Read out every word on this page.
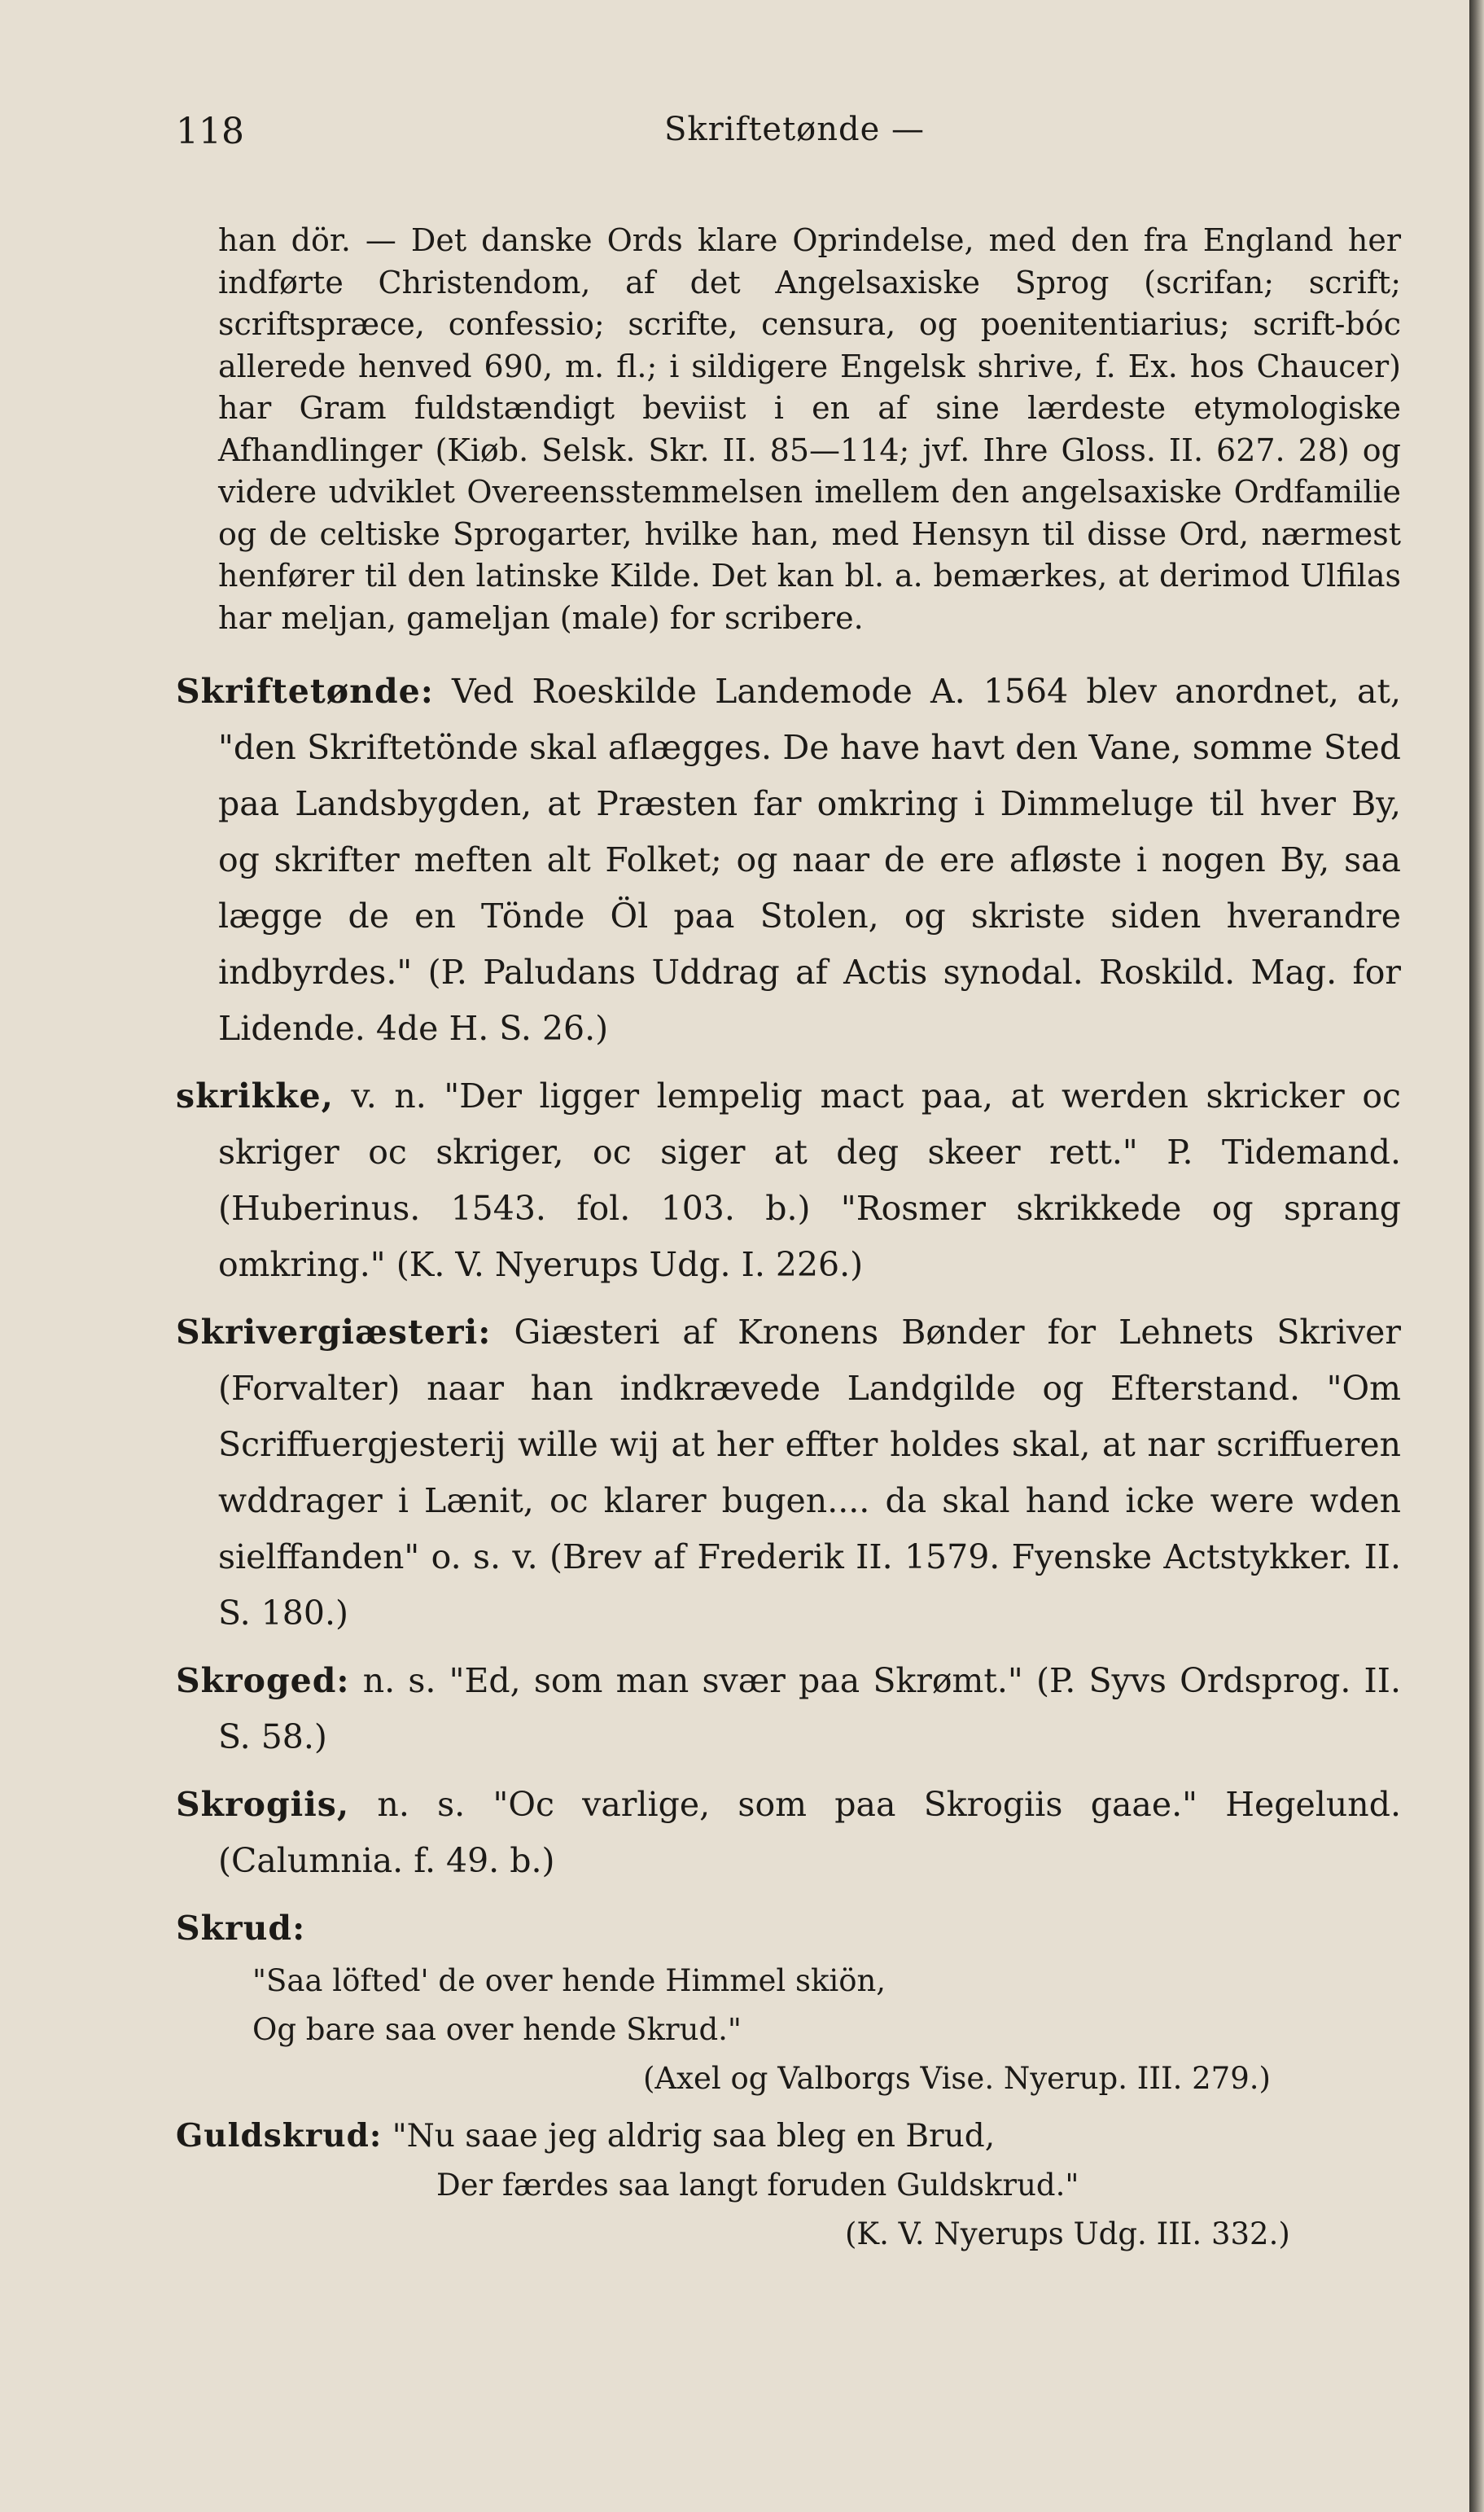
118	Skriftetønde —

han dör. — Det danske Ords klare Oprindelse, med den fra England her indførte Christendom, af det Angelsaxiske Sprog (scrifan; scrift; scriftspræce, confessio; scrifte, censura, og poenitentiarius; scrift-bóc allerede henved 690, m. fl.; i sildigere Engelsk shrive, f. Ex. hos Chaucer) har Gram fuldstændigt beviist i en af sine lærdeste etymologiske Afhandlinger (Kiøb. Selsk. Skr. II. 85—114; jvf. Ihre Gloss. II. 627. 28) og videre udviklet Overeensstemmelsen imellem den angelsaxiske Ordfamilie og de celtiske Sprogarter, hvilke han, med Hensyn til disse Ord, nærmest henfører til den latinske Kilde. Det kan bl. a. bemærkes, at derimod Ulfilas har meljan, gameljan (male) for scribere.

Skriftetønde: Ved Roeskilde Landemode A. 1564 blev anordnet, at, "den Skriftetönde skal aflægges. De have havt den Vane, somme Sted paa Landsbygden, at Præsten far omkring i Dimmeluge til hver By, og skrifter meften alt Folket; og naar de ere afløste i nogen By, saa lægge de en Tönde Öl paa Stolen, og skriste siden hverandre indbyrdes." (P. Paludans Uddrag af Actis synodal. Roskild. Mag. for Lidende. 4de H. S. 26.)

skrikke, v. n. "Der ligger lempelig mact paa, at werden skricker oc skriger oc skriger, oc siger at deg skeer rett." P. Tidemand. (Huberinus. 1543. fol. 103. b.) "Rosmer skrikkede og sprang omkring." (K. V. Nyerups Udg. I. 226.)

Skrivergiæsteri: Giæsteri af Kronens Bønder for Lehnets Skriver (Forvalter) naar han indkrævede Landgilde og Efterstand. "Om Scriffuergjesterij wille wij at her effter holdes skal, at nar scriffueren wddrager i Lænit, oc klarer bugen.... da skal hand icke were wden sielffanden" o. s. v. (Brev af Frederik II. 1579. Fyenske Actstykker. II. S. 180.)

Skroged: n. s. "Ed, som man svær paa Skrømt." (P. Syvs Ordsprog. II. S. 58.)

Skrogiis, n. s. "Oc varlige, som paa Skrogiis gaae." Hegelund. (Calumnia. f. 49. b.)

Skrud:

"Saa löfted' de over hende Himmel skiön,
Og bare saa over hende Skrud."
(Axel og Valborgs Vise. Nyerup. III. 279.)
Guldskrud: "Nu saae jeg aldrig saa bleg en Brud,
Der færdes saa langt foruden Guldskrud."
(K. V. Nyerups Udg. III. 332.)
